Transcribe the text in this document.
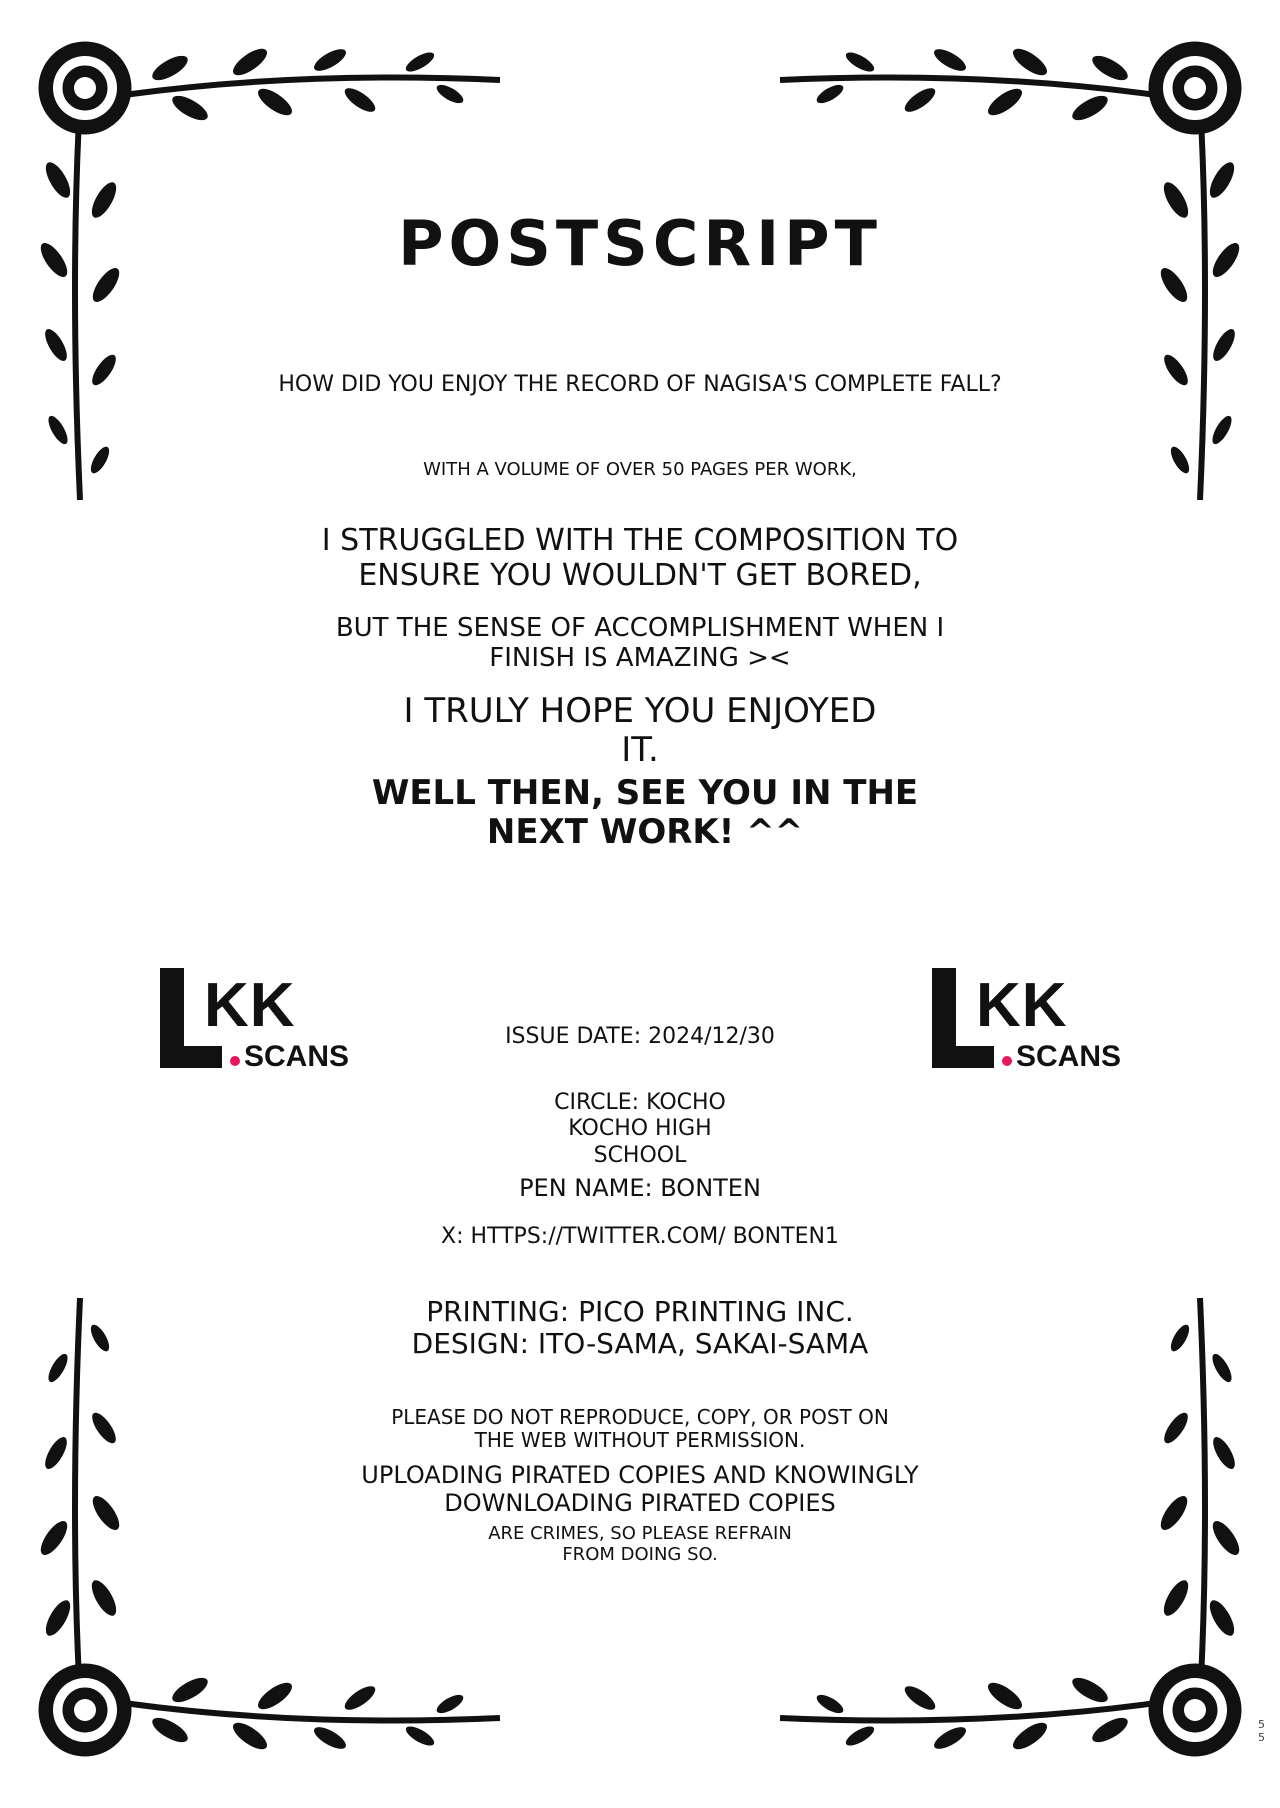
POSTSCRIPT

HOW DID YOU ENJOY THE RECORD OF NAGISA'S COMPLETE FALL?

WITH A VOLUME OF OVER 50 PAGES PER WORK,

I STRUGGLED WITH THE COMPOSITION TO ENSURE YOU WOULDN'T GET BORED,

BUT THE SENSE OF ACCOMPLISHMENT WHEN I FINISH IS AMAZING ><

I TRULY HOPE YOU ENJOYED IT.

WELL THEN, SEE YOU IN THE NEXT WORK! ^^

KK
SCANS
KK
SCANS

ISSUE DATE: 2024/12/30

CIRCLE: KOCHO KOCHO HIGH SCHOOL

PEN NAME: BONTEN

X: HTTPS://TWITTER.COM/ BONTEN1

PRINTING: PICO PRINTING INC.
DESIGN: ITO-SAMA, SAKAI-SAMA

PLEASE DO NOT REPRODUCE, COPY, OR POST ON THE WEB WITHOUT PERMISSION.

UPLOADING PIRATED COPIES AND KNOWINGLY DOWNLOADING PIRATED COPIES

ARE CRIMES, SO PLEASE REFRAIN FROM DOING SO.

55
